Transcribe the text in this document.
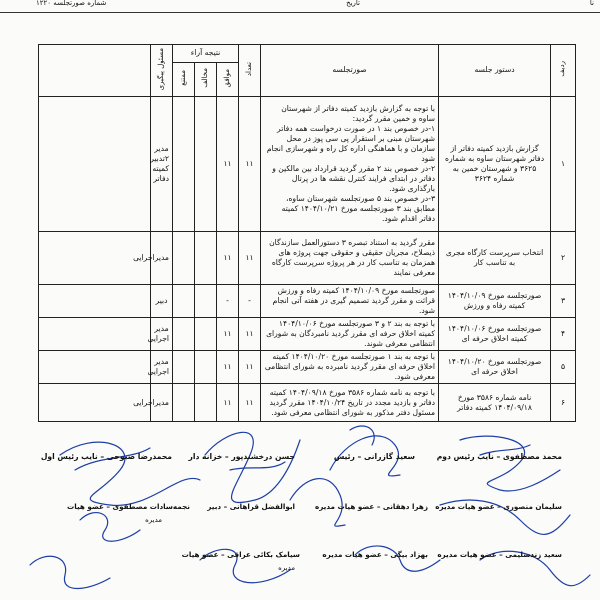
نا
تاریخ
شماره صورتجلسه ۱۲۲۰
ردیف	دستور جلسه	صورتجلسه	تعداد	نتیجه آراء			مسئول پیگیری	
				موافق	مخالف	ممتنع		
۱	گزارش بازدید کمیته دفاتر از دفاتر شهرستان ساوه به شماره ۳۶۲۵ و شهرستان خمین به شماره ۳۶۲۴	با توجه به گزارش بازدید کمیته دفاتر از شهرستان ساوه و خمین مقرر گردید:
۱-در خصوص بند ۱ در صورت درخواست همه دفاتر شهرستان مبنی بر استقرار پی سی پوز در محل سازمان و با هماهنگی اداره کل راه و شهرسازی انجام شود
۲-در خصوص بند ۲ مقرر گردید قرارداد بین مالکین و دفاتر در ابتدای فرایند کنترل نقشه ها در پرتال بارگذاری شود.
۳-در خصوص بند ۵ صورتجلسه شهرستان ساوه، مطابق بند ۳ صورتجلسه مورخ ۱۴۰۴/۱۰/۲۱ کمیته دفاتر اقدام شود.	۱۱	۱۱			مدیر ۲تدبیر کمیته دفاتر	
۲	انتخاب سرپرست کارگاه مجری به تناسب کار	مقرر گردید به استناد تبصره ۳ دستورالعمل سازندگان ذیصلاح، مجریان حقیقی و حقوقی جهت پروژه های همزمان به تناسب کار در هر پروژه سرپرست کارگاه معرفی نمایند	۱۱	۱۱			مدیراجرایی	
۳	صورتجلسه مورخ ۱۴۰۴/۱۰/۰۹ کمیته رفاه و ورزش	صورتجلسه مورخ ۱۴۰۴/۱۰/۰۹ کمیته رفاه و ورزش قرائت و مقرر گردید تصمیم گیری در هفته آتی انجام شود.	-	-			دبیر	
۴	صورتجلسه مورخ ۱۴۰۴/۱۰/۰۶ کمیته اخلاق حرفه ای	با توجه به بند ۲ و ۳ صورتجلسه مورخ ۱۴۰۴/۱۰/۰۶ کمیته اخلاق حرفه ای مقرر گردید نامبردگان به شورای انتظامی معرفی شوند.	۱۱	۱۱			مدیر اجرایی	
۵	صورتجلسه مورخ ۱۴۰۴/۱۰/۲۰ اخلاق حرفه ای	با توجه به بند ۱ صورتجلسه مورخ ۱۴۰۴/۱۰/۲۰ کمیته اخلاق حرفه ای مقرر گردید نامبرده به شورای انتظامی معرفی شود.	۱۱	۱۱			مدیر اجرایی	
۶	نامه شماره ۳۵۸۶ مورخ ۱۴۰۴/۰۹/۱۸ کمیته دفاتر	با توجه به نامه شماره ۳۵۸۶ مورخ ۱۴۰۴/۰۹/۱۸ کمیته دفاتر و بازدید مجدد در تاریخ ۱۴۰۴/۱۰/۲۴ مقرر گردید مسئول دفتر مذکور به شورای انتظامی معرفی شود.	۱۱	۱۱			مدیراجرایی	
محمد مصطفوی – نایب رئیس دوم
سعید گازرانی – رئیس
حسن درخشندپور – خزانه دار
محمدرضا صبوحی – نایب رئیس اول
سلیمان منصوری – عضو هیات مدیره
زهرا دهقانی – عضو هیات مدیره
ابوالفضل قراهانی – دبیر
نجمه‌سادات مصطفوی – عضو هیات
مدیره
سعید زندسلیمی – عضو هیات مدیره
بهزاد بیگی – عضو هیات مدیره
سیامک بکائی عراقی – عضو هیات
مدیره
